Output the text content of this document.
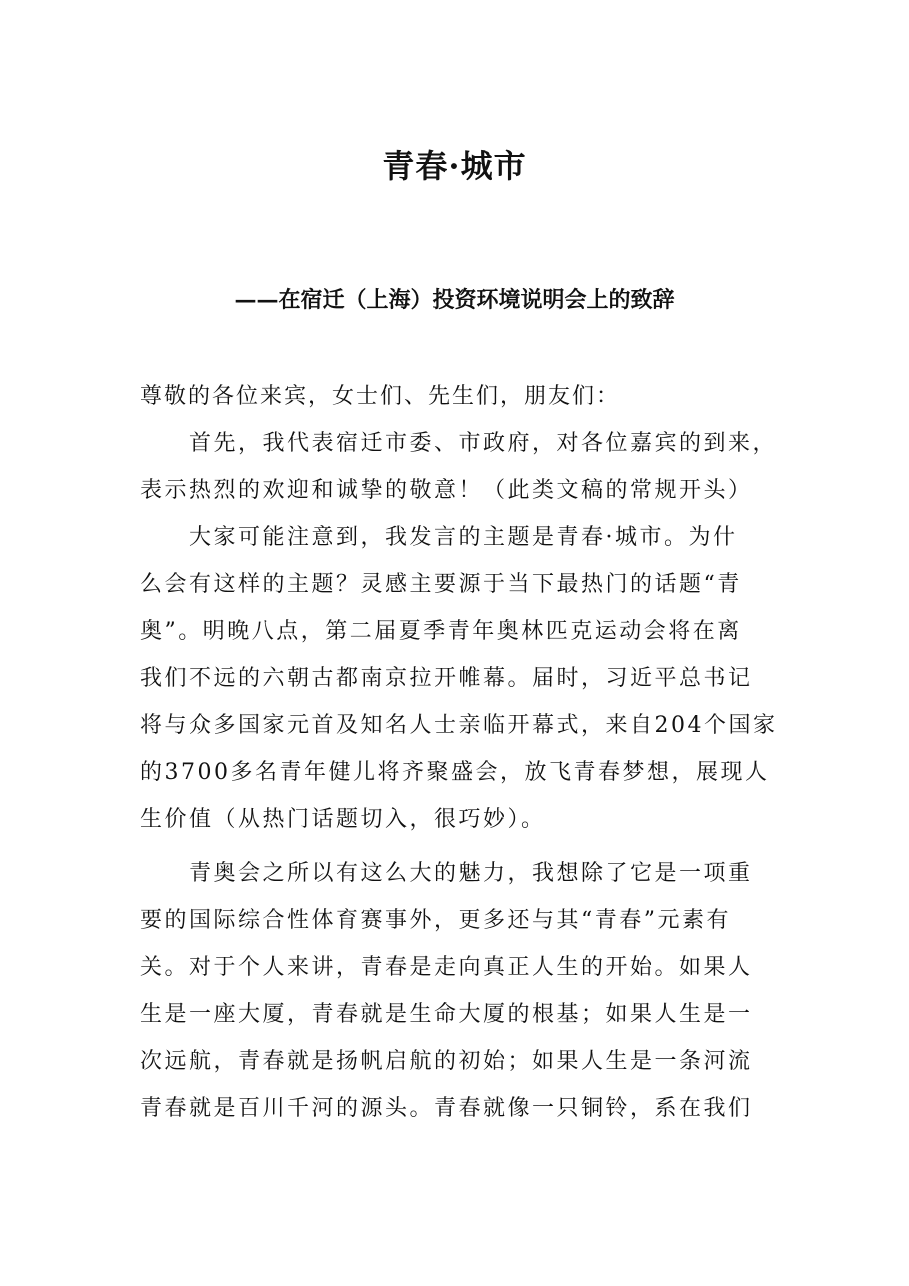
青春·城市
——在宿迁（上海）投资环境说明会上的致辞
尊敬的各位来宾，女士们、先生们，朋友们：
　　首先，我代表宿迁市委、市政府，对各位嘉宾的到来，
表示热烈的欢迎和诚挚的敬意！（此类文稿的常规开头）
　　大家可能注意到，我发言的主题是青春·城市。为什
么会有这样的主题？灵感主要源于当下最热门的话题“青
奥”。明晚八点，第二届夏季青年奥林匹克运动会将在离
我们不远的六朝古都南京拉开帷幕。届时，习近平总书记
将与众多国家元首及知名人士亲临开幕式，来自204个国家
的3700多名青年健儿将齐聚盛会，放飞青春梦想，展现人
生价值（从热门话题切入，很巧妙）。
　　青奥会之所以有这么大的魅力，我想除了它是一项重
要的国际综合性体育赛事外，更多还与其“青春”元素有
关。对于个人来讲，青春是走向真正人生的开始。如果人
生是一座大厦，青春就是生命大厦的根基；如果人生是一
次远航，青春就是扬帆启航的初始；如果人生是一条河流
青春就是百川千河的源头。青春就像一只铜铃，系在我们
